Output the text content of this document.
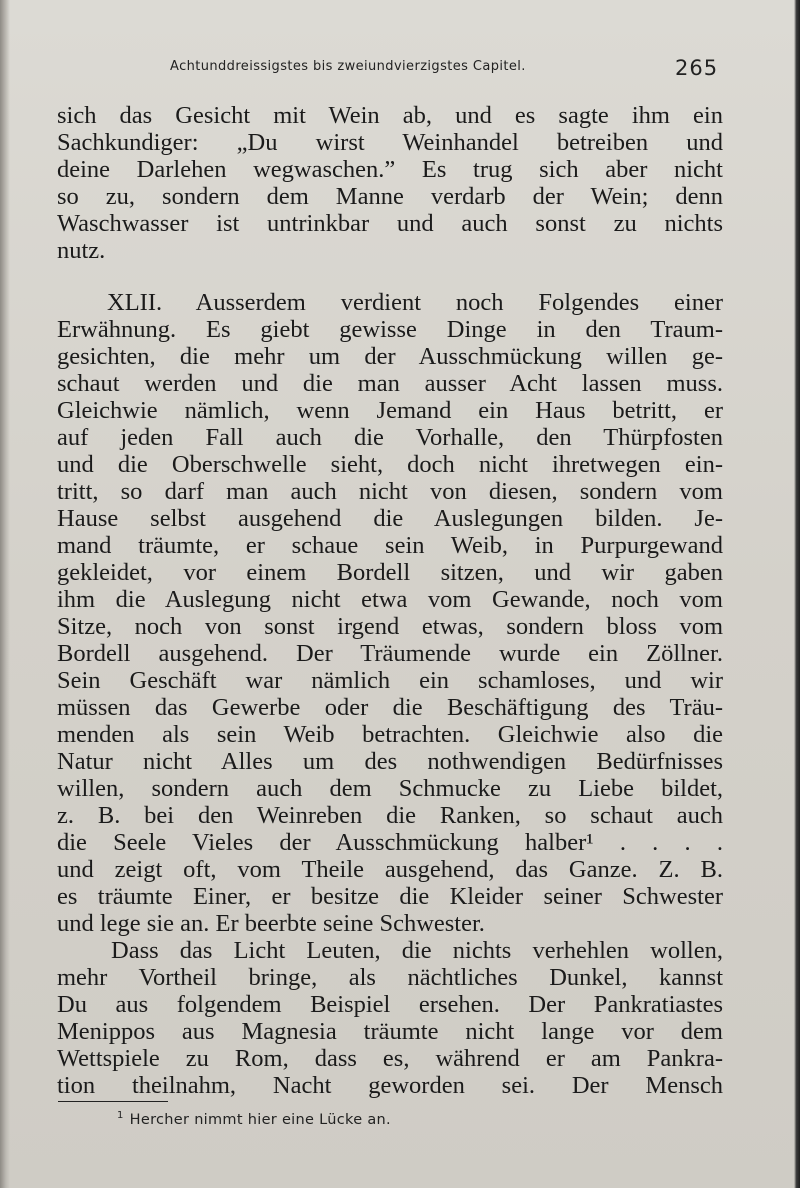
Achtunddreissigstes bis zweiundvierzigstes Capitel.	265
sich das Gesicht mit Wein ab, und es sagte ihm ein
Sachkundiger: „Du wirst Weinhandel betreiben und
deine Darlehen wegwaschen.” Es trug sich aber nicht
so zu, sondern dem Manne verdarb der Wein; denn
Waschwasser ist untrinkbar und auch sonst zu nichts
nutz.
XLII. Ausserdem verdient noch Folgendes einer
Erwähnung. Es giebt gewisse Dinge in den Traum-
gesichten, die mehr um der Ausschmückung willen ge-
schaut werden und die man ausser Acht lassen muss.
Gleichwie nämlich, wenn Jemand ein Haus betritt, er
auf jeden Fall auch die Vorhalle, den Thürpfosten
und die Oberschwelle sieht, doch nicht ihretwegen ein-
tritt, so darf man auch nicht von diesen, sondern vom
Hause selbst ausgehend die Auslegungen bilden. Je-
mand träumte, er schaue sein Weib, in Purpurgewand
gekleidet, vor einem Bordell sitzen, und wir gaben
ihm die Auslegung nicht etwa vom Gewande, noch vom
Sitze, noch von sonst irgend etwas, sondern bloss vom
Bordell ausgehend. Der Träumende wurde ein Zöllner.
Sein Geschäft war nämlich ein schamloses, und wir
müssen das Gewerbe oder die Beschäftigung des Träu-
menden als sein Weib betrachten. Gleichwie also die
Natur nicht Alles um des nothwendigen Bedürfnisses
willen, sondern auch dem Schmucke zu Liebe bildet,
z. B. bei den Weinreben die Ranken, so schaut auch
die Seele Vieles der Ausschmückung halber¹ . . . .
und zeigt oft, vom Theile ausgehend, das Ganze. Z. B.
es träumte Einer, er besitze die Kleider seiner Schwester
und lege sie an. Er beerbte seine Schwester.
Dass das Licht Leuten, die nichts verhehlen wollen,
mehr Vortheil bringe, als nächtliches Dunkel, kannst
Du aus folgendem Beispiel ersehen. Der Pankratiastes
Menippos aus Magnesia träumte nicht lange vor dem
Wettspiele zu Rom, dass es, während er am Pankra-
tion theilnahm, Nacht geworden sei. Der Mensch
$^1$ Hercher nimmt hier eine Lücke an.
